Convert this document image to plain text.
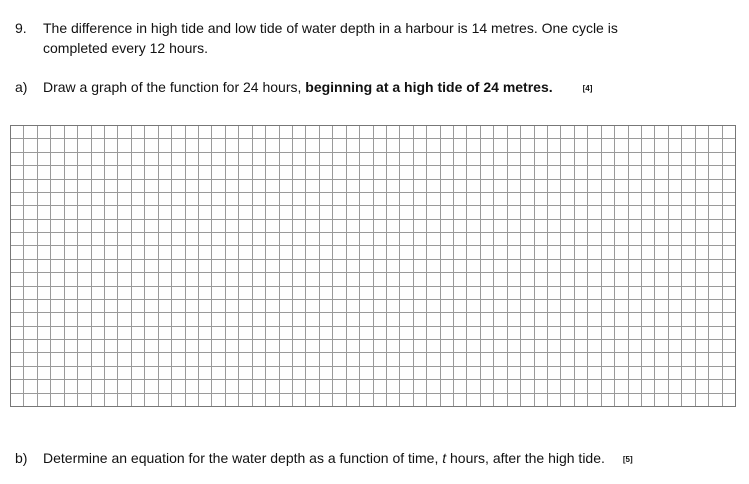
9. The difference in high tide and low tide of water depth in a harbour is 14 metres. One cycle is
completed every 12 hours.
a) Draw a graph of the function for 24 hours, beginning at a high tide of 24 metres.	[4]
b) Determine an equation for the water depth as a function of time, t hours, after the high tide. [5]
